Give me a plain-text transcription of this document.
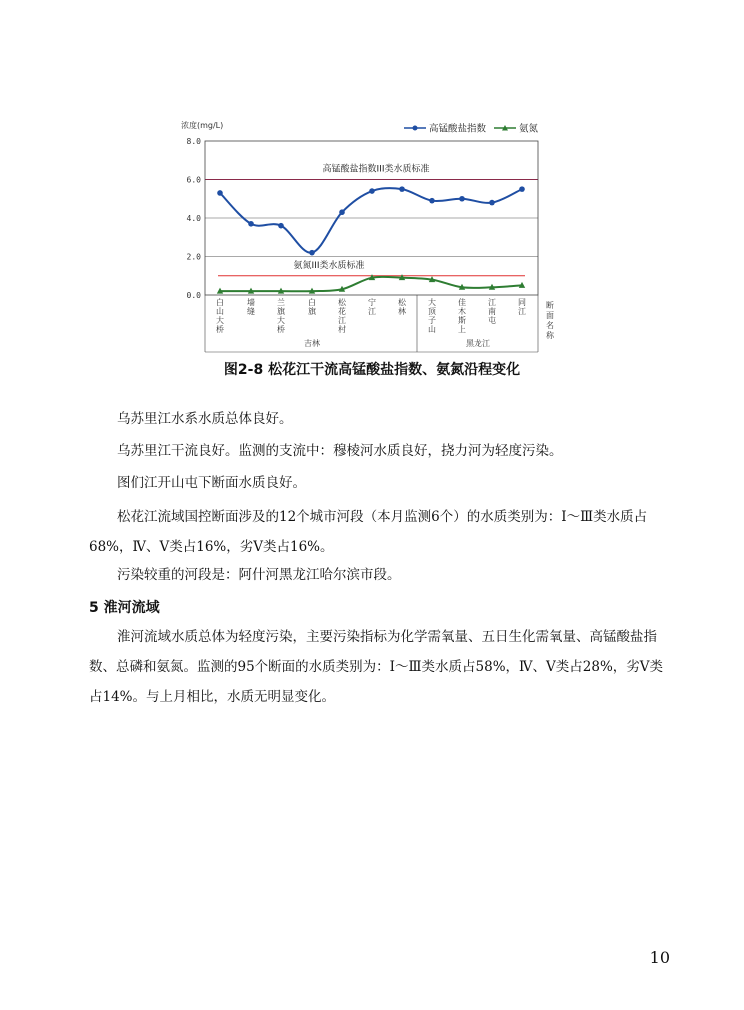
高锰酸盐指数III类水质标准
氨氮III类水质标准
0.0
2.0
4.0
6.0
8.0
浓度(mg/L)
白
山
大
桥
墙
缝
兰
旗
大
桥
白
旗
松
花
江
村
宁
江
松
林
大
顶
子
山
佳
木
斯
上
江
南
屯
同
江
吉林	黑龙江
断
面
名
称
高锰酸盐指数	氨氮
图2-8 松花江干流高锰酸盐指数、氨氮沿程变化

乌苏里江水系水质总体良好。

乌苏里江干流良好。监测的支流中：穆棱河水质良好，挠力河为轻度污染。

图们江开山屯下断面水质良好。

松花江流域国控断面涉及的12个城市河段（本月监测6个）的水质类别为：Ⅰ～Ⅲ类水质占68%，Ⅳ、Ⅴ类占16%，劣Ⅴ类占16%。

污染较重的河段是：阿什河黑龙江哈尔滨市段。

5 淮河流域

淮河流域水质总体为轻度污染，主要污染指标为化学需氧量、五日生化需氧量、高锰酸盐指数、总磷和氨氮。监测的95个断面的水质类别为：Ⅰ～Ⅲ类水质占58%，Ⅳ、Ⅴ类占28%，劣Ⅴ类占14%。与上月相比，水质无明显变化。

10
